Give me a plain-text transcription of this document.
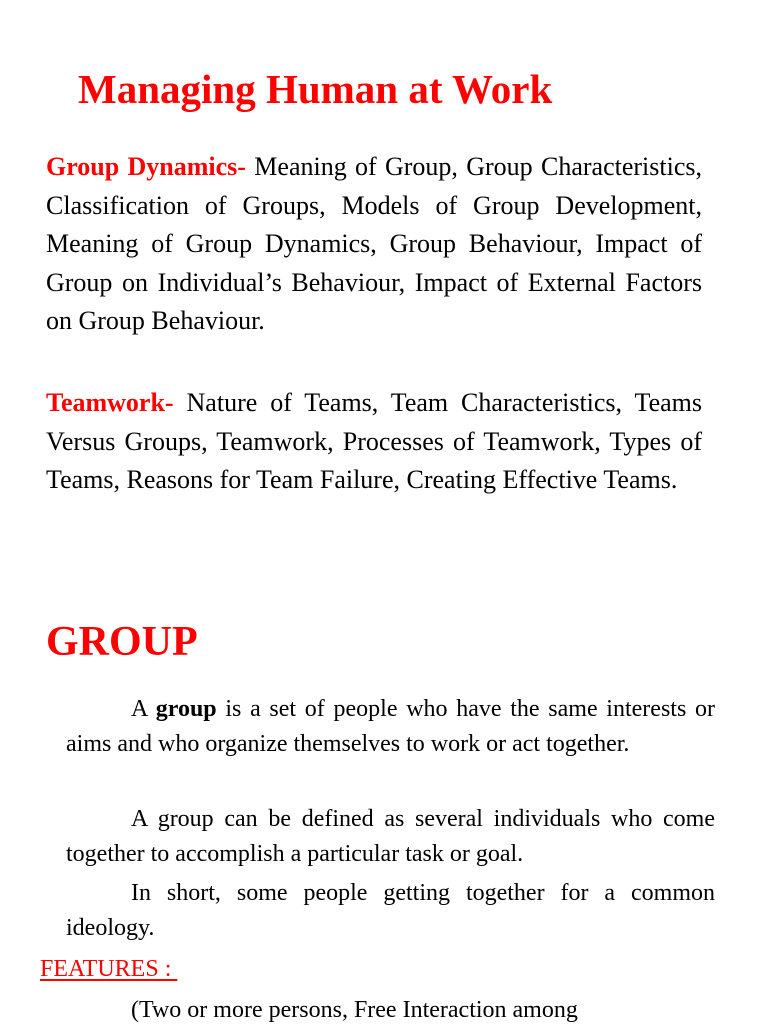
Managing Human at Work

Group Dynamics- Meaning of Group, Group Characteristics, Classification of Groups, Models of Group Development, Meaning of Group Dynamics, Group Behaviour, Impact of Group on Individual’s Behaviour, Impact of External Factors on Group Behaviour.

Teamwork- Nature of Teams, Team Characteristics, Teams Versus Groups, Teamwork, Processes of Teamwork, Types of Teams, Reasons for Team Failure, Creating Effective Teams.

GROUP

A group is a set of people who have the same interests or aims and who organize themselves to work or act together.

A group can be defined as several individuals who come together to accomplish a particular task or goal.

In short, some people getting together for a common ideology.

FEATURES :

(Two or more persons, Free Interaction among
